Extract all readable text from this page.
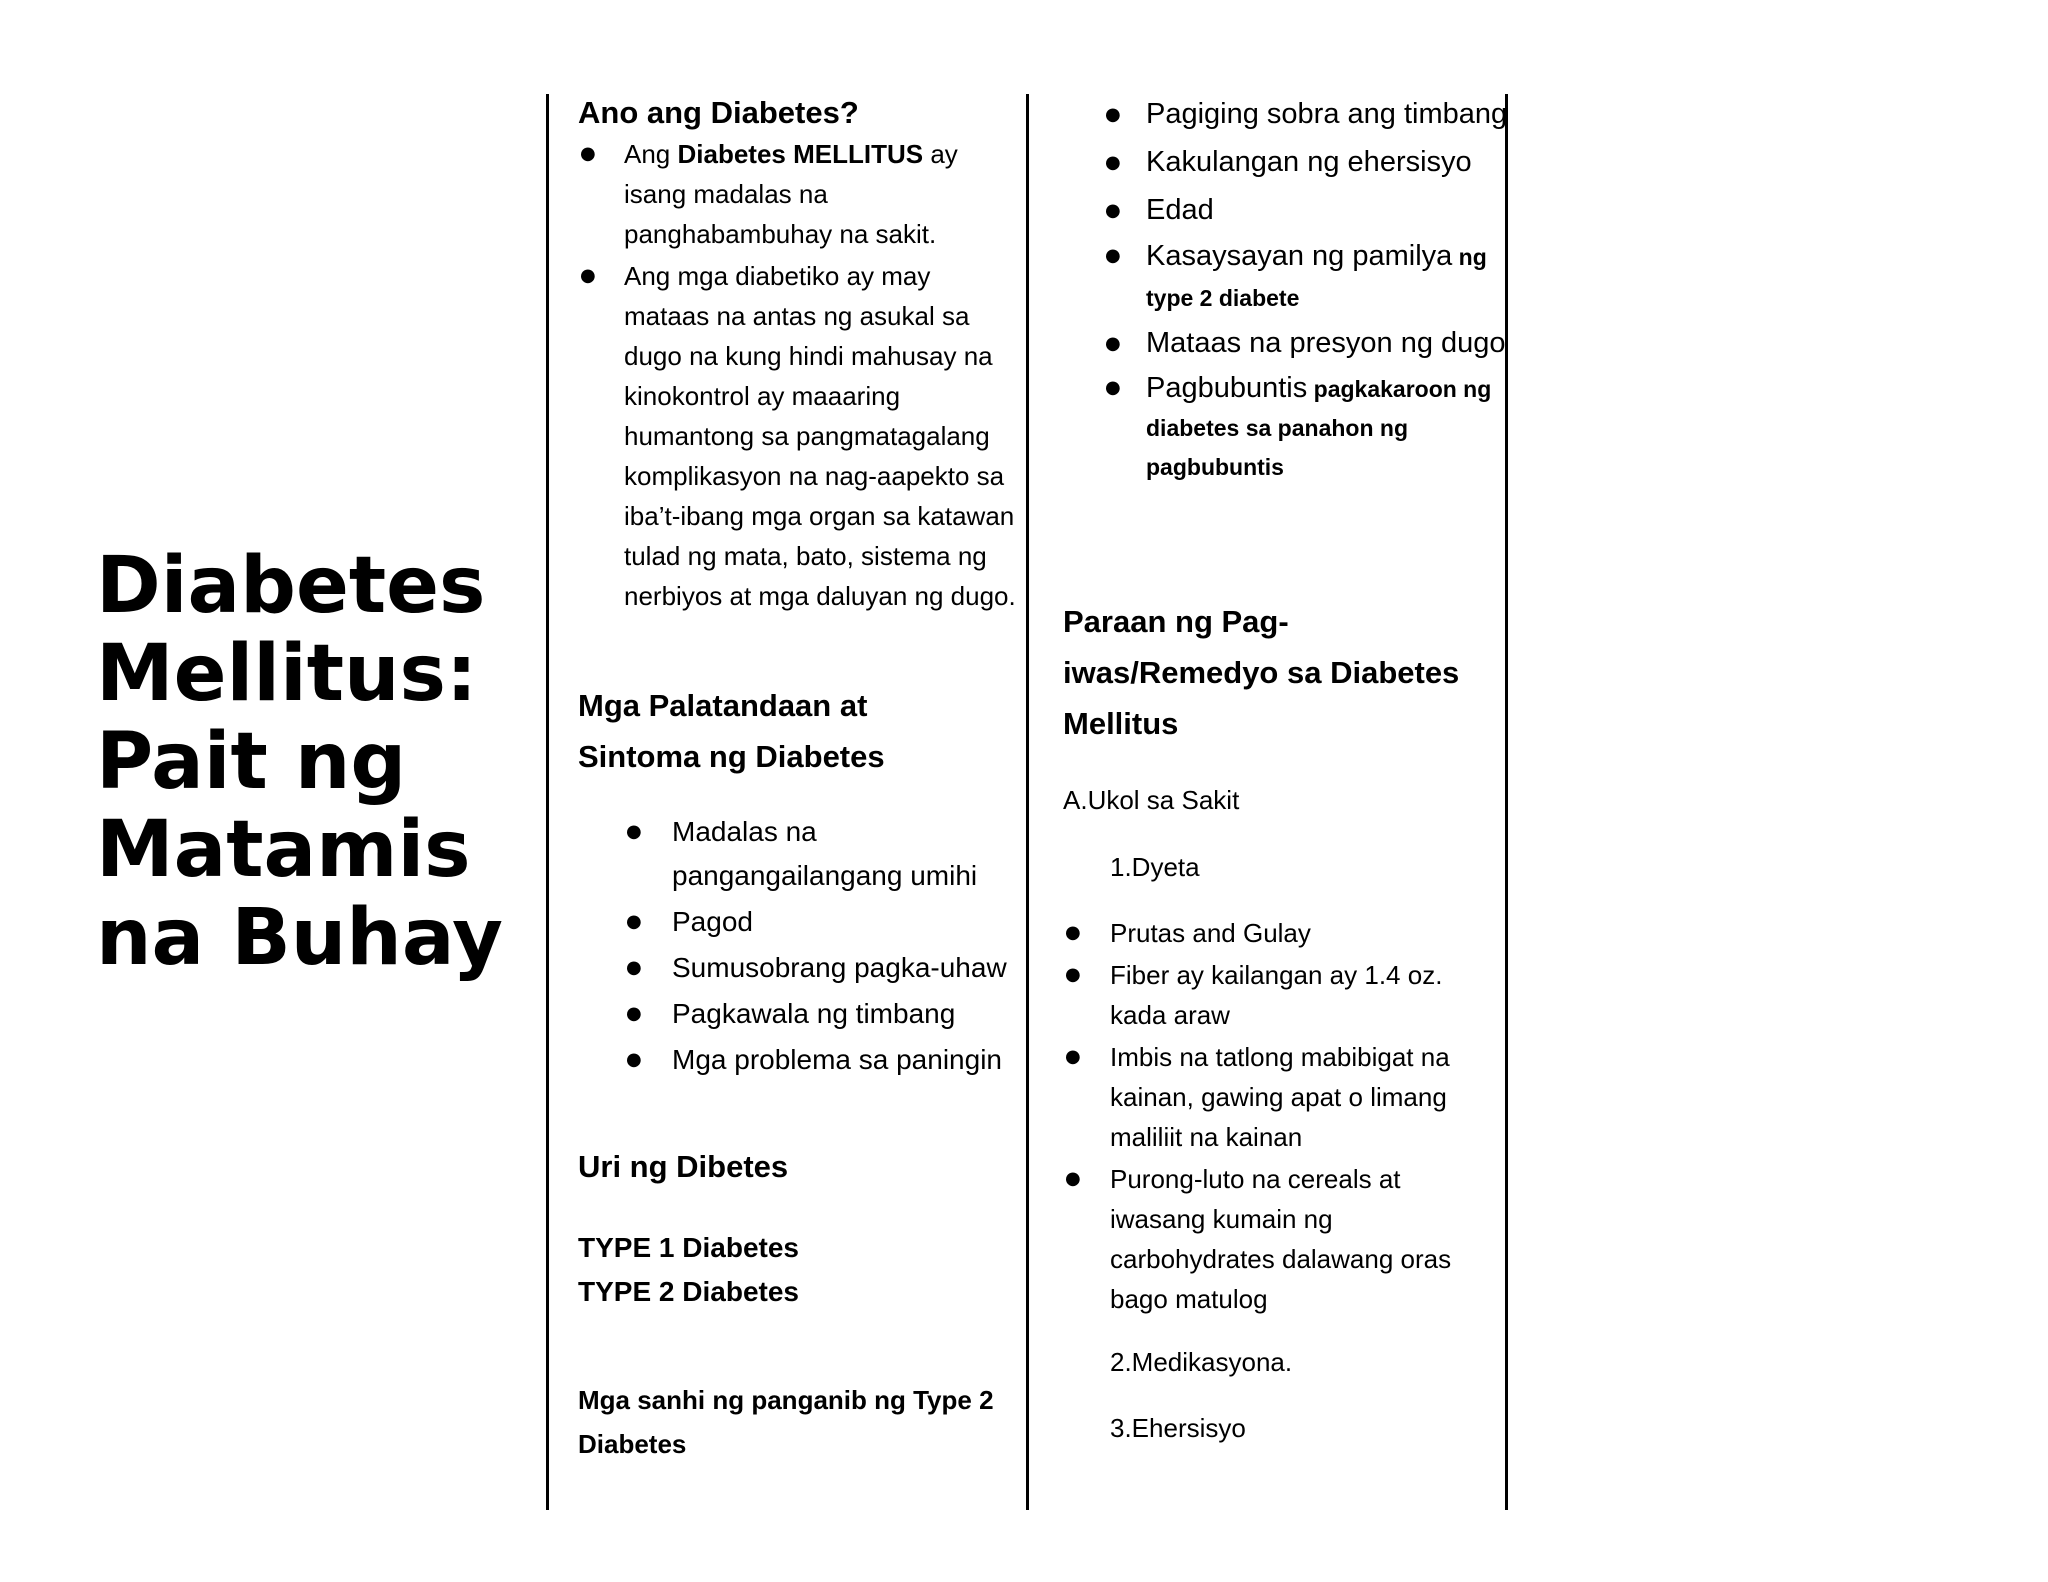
Diabetes
Mellitus:
Pait ng
Matamis
na Buhay
Ano ang Diabetes?
● Ang Diabetes MELLITUS ay isang madalas na panghabambuhay na sakit.
● Ang mga diabetiko ay may mataas na antas ng asukal sa dugo na kung hindi mahusay na kinokontrol ay maaaring humantong sa pangmatagalang komplikasyon na nag-aapekto sa iba’t-ibang mga organ sa katawan tulad ng mata, bato, sistema ng nerbiyos at mga daluyan ng dugo.
Mga Palatandaan at Sintoma ng Diabetes
● Madalas na pangangailangang umihi
● Pagod
● Sumusobrang pagka-uhaw
● Pagkawala ng timbang
● Mga problema sa paningin
Uri ng Dibetes

TYPE 1 Diabetes

TYPE 2 Diabetes

Mga sanhi ng panganib ng Type 2 Diabetes

● Pagiging sobra ang timbang
● Kakulangan ng ehersisyo
● Edad
● Kasaysayan ng pamilya ng type 2 diabete
● Mataas na presyon ng dugo
● Pagbubuntis pagkakaroon ng diabetes sa panahon ng pagbubuntis
Paraan ng Pag-iwas/Remedyo sa Diabetes Mellitus

A.Ukol sa Sakit

1.Dyeta

● Prutas and Gulay
● Fiber ay kailangan ay 1.4 oz. kada araw
● Imbis na tatlong mabibigat na kainan, gawing apat o limang maliliit na kainan
● Purong-luto na cereals at iwasang kumain ng carbohydrates dalawang oras bago matulog

2.Medikasyona.

3.Ehersisyo
